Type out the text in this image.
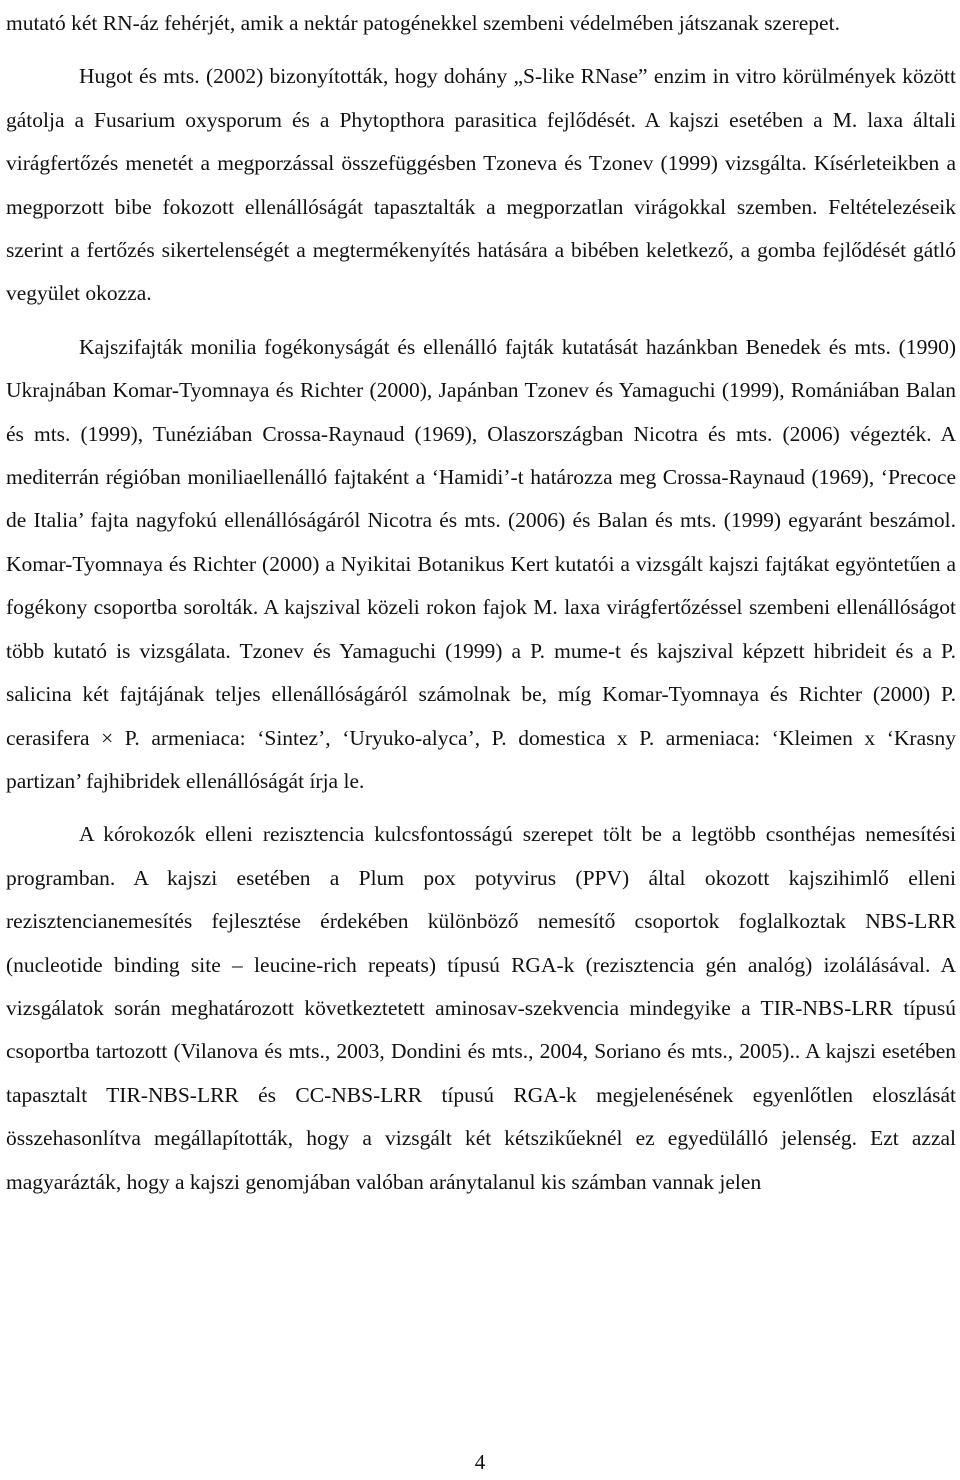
mutató két RN-áz fehérjét, amik a nektár patogénekkel szembeni védelmében játszanak szerepet.

Hugot és mts. (2002) bizonyították, hogy dohány „S-like RNase” enzim in vitro körülmények között gátolja a Fusarium oxysporum és a Phytopthora parasitica fejlődését. A kajszi esetében a M. laxa általi virágfertőzés menetét a megporzással összefüggésben Tzoneva és Tzonev (1999) vizsgálta. Kísérleteikben a megporzott bibe fokozott ellenállóságát tapasztalták a megporzatlan virágokkal szemben. Feltételezéseik szerint a fertőzés sikertelenségét a megtermékenyítés hatására a bibében keletkező, a gomba fejlődését gátló vegyület okozza.

Kajszifajták monilia fogékonyságát és ellenálló fajták kutatását hazánkban Benedek és mts. (1990) Ukrajnában Komar-Tyomnaya és Richter (2000), Japánban Tzonev és Yamaguchi (1999), Romániában Balan és mts. (1999), Tunéziában Crossa-Raynaud (1969), Olaszországban Nicotra és mts. (2006) végezték. A mediterrán régióban moniliaellenálló fajtaként a ‘Hamidi’-t határozza meg Crossa-Raynaud (1969), ‘Precoce de Italia’ fajta nagyfokú ellenállóságáról Nicotra és mts. (2006) és Balan és mts. (1999) egyaránt beszámol. Komar-Tyomnaya és Richter (2000) a Nyikitai Botanikus Kert kutatói a vizsgált kajszi fajtákat egyöntetűen a fogékony csoportba sorolták. A kajszival közeli rokon fajok M. laxa virágfertőzéssel szembeni ellenállóságot több kutató is vizsgálata. Tzonev és Yamaguchi (1999) a P. mume-t és kajszival képzett hibrideit és a P. salicina két fajtájának teljes ellenállóságáról számolnak be, míg Komar-Tyomnaya és Richter (2000) P. cerasifera × P. armeniaca: ‘Sintez’, ‘Uryuko-alyca’, P. domestica x P. armeniaca: ‘Kleimen x ‘Krasny partizan’ fajhibridek ellenállóságát írja le.

A kórokozók elleni rezisztencia kulcsfontosságú szerepet tölt be a legtöbb csonthéjas nemesítési programban. A kajszi esetében a Plum pox potyvirus (PPV) által okozott kajszihimlő elleni rezisztencianemesítés fejlesztése érdekében különböző nemesítő csoportok foglalkoztak NBS-LRR (nucleotide binding site – leucine-rich repeats) típusú RGA-k (rezisztencia gén analóg) izolálásával. A vizsgálatok során meghatározott következtetett aminosav-szekvencia mindegyike a TIR-NBS-LRR típusú csoportba tartozott (Vilanova és mts., 2003, Dondini és mts., 2004, Soriano és mts., 2005).. A kajszi esetében tapasztalt TIR-NBS-LRR és CC-NBS-LRR típusú RGA-k megjelenésének egyenlőtlen eloszlását összehasonlítva megállapították, hogy a vizsgált két kétszikűeknél ez egyedülálló jelenség. Ezt azzal magyarázták, hogy a kajszi genomjában valóban aránytalanul kis számban vannak jelen

4
